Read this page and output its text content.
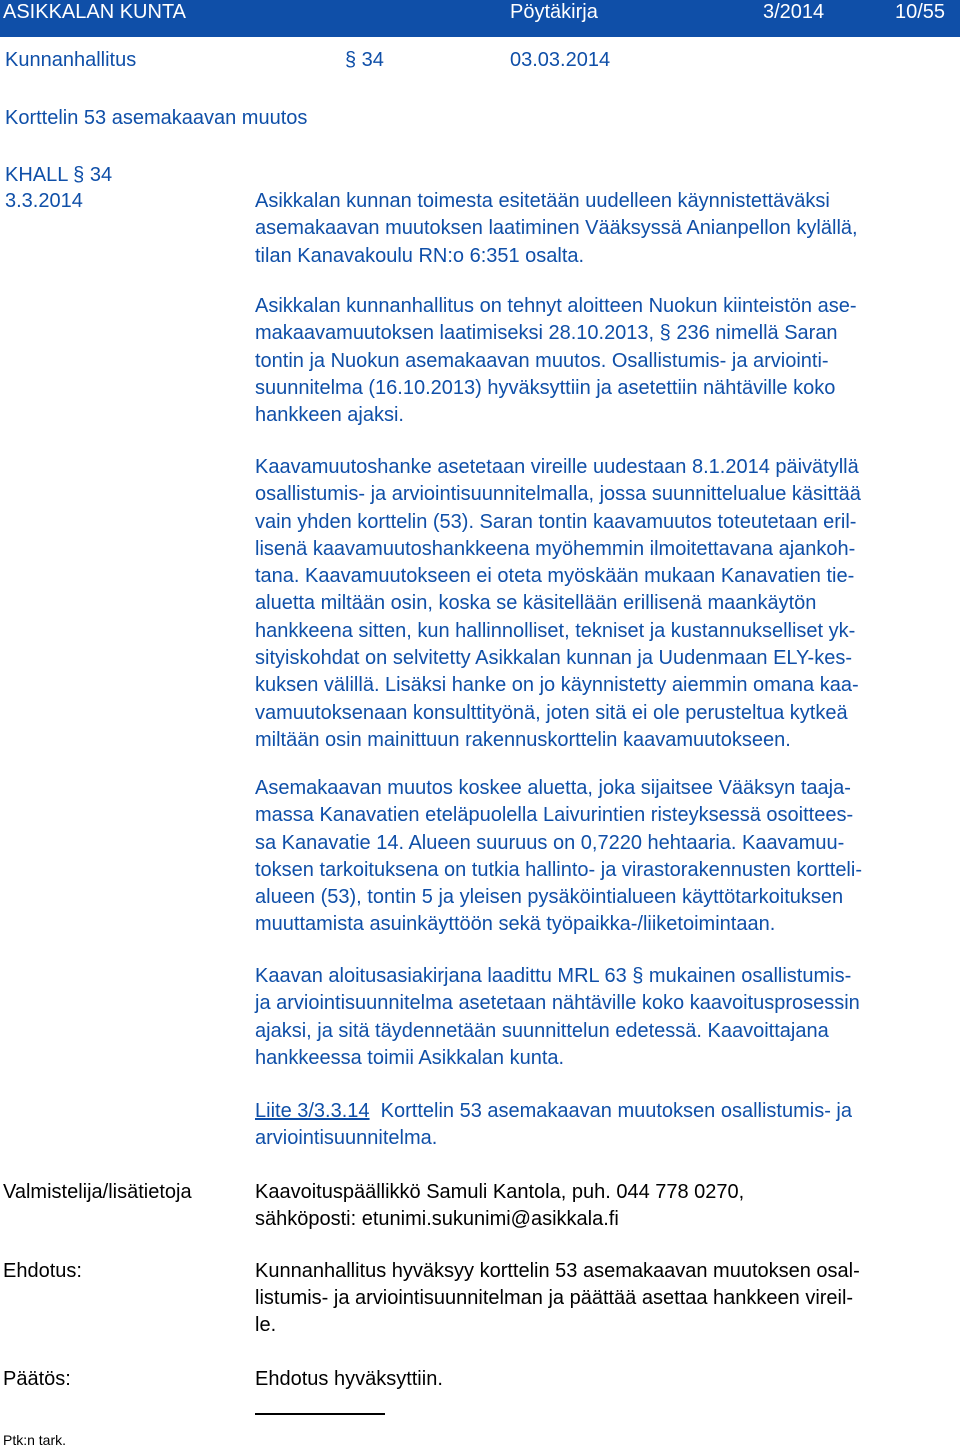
ASIKKALAN KUNTA	Pöytäkirja	3/2014	10/55
Kunnanhallitus	§ 34	03.03.2014
Korttelin 53 asemakaavan muutos
KHALL § 34
3.3.2014	Asikkalan kunnan toimesta esitetään uudelleen käynnistettäväksi

asemakaavan muutoksen laatiminen Vääksyssä Anianpellon kylällä,

tilan Kanavakoulu RN:o 6:351 osalta.

Asikkalan kunnanhallitus on tehnyt aloitteen Nuokun kiinteistön ase-

makaavamuutoksen laatimiseksi 28.10.2013, § 236 nimellä Saran

tontin ja Nuokun asemakaavan muutos. Osallistumis- ja arviointi-

suunnitelma (16.10.2013) hyväksyttiin ja asetettiin nähtäville koko

hankkeen ajaksi.

Kaavamuutoshanke asetetaan vireille uudestaan 8.1.2014 päivätyllä

osallistumis- ja arviointisuunnitelmalla, jossa suunnittelualue käsittää

vain yhden korttelin (53). Saran tontin kaavamuutos toteutetaan eril-

lisenä kaavamuutoshankkeena myöhemmin ilmoitettavana ajankoh-

tana. Kaavamuutokseen ei oteta myöskään mukaan Kanavatien tie-

aluetta miltään osin, koska se käsitellään erillisenä maankäytön

hankkeena sitten, kun hallinnolliset, tekniset ja kustannukselliset yk-

sityiskohdat on selvitetty Asikkalan kunnan ja Uudenmaan ELY-kes-

kuksen välillä. Lisäksi hanke on jo käynnistetty aiemmin omana kaa-

vamuutoksenaan konsulttityönä, joten sitä ei ole perusteltua kytkeä

miltään osin mainittuun rakennuskorttelin kaavamuutokseen.

Asemakaavan muutos koskee aluetta, joka sijaitsee Vääksyn taaja-

massa Kanavatien eteläpuolella Laivurintien risteyksessä osoittees-

sa Kanavatie 14. Alueen suuruus on 0,7220 hehtaaria. Kaavamuu-

toksen tarkoituksena on tutkia hallinto- ja virastorakennusten kortteli-

alueen (53), tontin 5 ja yleisen pysäköintialueen käyttötarkoituksen

muuttamista asuinkäyttöön sekä työpaikka-/liiketoimintaan.

Kaavan aloitusasiakirjana laadittu MRL 63 § mukainen osallistumis-

ja arviointisuunnitelma asetetaan nähtäville koko kaavoitusprosessin

ajaksi, ja sitä täydennetään suunnittelun edetessä. Kaavoittajana

hankkeessa toimii Asikkalan kunta.

Liite 3/3.3.14 Korttelin 53 asemakaavan muutoksen osallistumis- ja

arviointisuunnitelma.

Valmistelija/lisätietoja	Kaavoituspäällikkö Samuli Kantola, puh. 044 778 0270,

sähköposti: etunimi.sukunimi@asikkala.fi

Ehdotus:	Kunnanhallitus hyväksyy korttelin 53 asemakaavan muutoksen osal-

listumis- ja arviointisuunnitelman ja päättää asettaa hankkeen vireil-

le.

Päätös:	Ehdotus hyväksyttiin.
Ptk:n tark.
